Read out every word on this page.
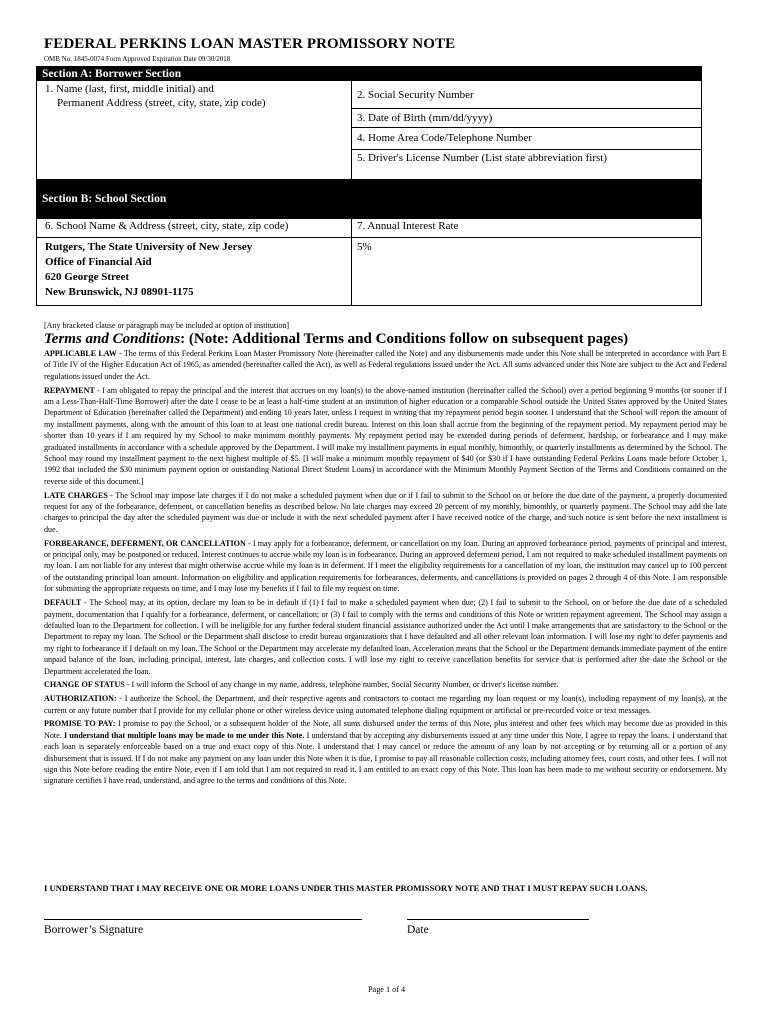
FEDERAL PERKINS LOAN MASTER PROMISSORY NOTE
OMB No. 1845-0074 Form Approved Expiration Date 09/30/2018
Section A: Borrower Section
1. Name (last, first, middle initial) and
Permanent Address (street, city, state, zip code)
2. Social Security Number
3. Date of Birth (mm/dd/yyyy)
4. Home Area Code/Telephone Number
5. Driver's License Number (List state abbreviation first)
Section B: School Section
6. School Name & Address (street, city, state, zip code)	7. Annual Interest Rate
Rutgers, The State University of New Jersey
Office of Financial Aid
620 George Street
New Brunswick, NJ 08901-1175
5%
[Any bracketed clause or paragraph may be included at option of institution]
Terms and Conditions: (Note: Additional Terms and Conditions follow on subsequent pages)

APPLICABLE LAW - The terms of this Federal Perkins Loan Master Promissory Note (hereinafter called the Note) and any disbursements made under this Note shall be interpreted in accordance with Part E of Title IV of the Higher Education Act of 1965, as amended (hereinafter called the Act), as well as Federal regulations issued under the Act. All sums advanced under this Note are subject to the Act and Federal regulations issued under the Act.

REPAYMENT - I am obligated to repay the principal and the interest that accrues on my loan(s) to the above-named institution (hereinafter called the School) over a period beginning 9 months (or sooner if I am a Less-Than-Half-Time Borrower) after the date I cease to be at least a half-time student at an institution of higher education or a comparable School outside the United States approved by the United States Department of Education (hereinafter called the Department) and ending 10 years later, unless I request in writing that my repayment period begin sooner. I understand that the School will report the amount of my installment payments, along with the amount of this loan to at least one national credit bureau. Interest on this loan shall accrue from the beginning of the repayment period. My repayment period may be shorter than 10 years if I am required by my School to make minimum monthly payments. My repayment period may be extended during periods of deferment, hardship, or forbearance and I may make graduated installments in accordance with a schedule approved by the Department. I will make my installment payments in equal monthly, bimonthly, or quarterly installments as determined by the School. The School may round my installment payment to the next highest multiple of $5. [I will make a minimum monthly repayment of $40 (or $30 if I have outstanding Federal Perkins Loans made before October 1, 1992 that included the $30 minimum payment option or outstanding National Direct Student Loans) in accordance with the Minimum Monthly Payment Section of the Terms and Conditions contained on the reverse side of this document.]

LATE CHARGES - The School may impose late charges if I do not make a scheduled payment when due or if I fail to submit to the School on or before the due date of the payment, a properly documented request for any of the forbearance, deferment, or cancellation benefits as described below. No late charges may exceed 20 percent of my monthly, bimonthly, or quarterly payment. The School may add the late charges to principal the day after the scheduled payment was due or include it with the next scheduled payment after I have received notice of the charge, and such notice is sent before the next installment is due.

FORBEARANCE, DEFERMENT, OR CANCELLATION - I may apply for a forbearance, deferment, or cancellation on my loan. During an approved forbearance period, payments of principal and interest, or principal only, may be postponed or reduced. Interest continues to accrue while my loan is in forbearance. During an approved deferment period, I am not required to make scheduled installment payments on my loan. I am not liable for any interest that might otherwise accrue while my loan is in deferment. If I meet the eligibility requirements for a cancellation of my loan, the institution may cancel up to 100 percent of the outstanding principal loan amount. Information on eligibility and application requirements for forbearances, deferments, and cancellations is provided on pages 2 through 4 of this Note. I am responsible for submitting the appropriate requests on time, and I may lose my benefits if I fail to file my request on time.

DEFAULT - The School may, at its option, declare my loan to be in default if (1) I fail to make a scheduled payment when due; (2) I fail to submit to the School, on or before the due date of a scheduled payment, documentation that I qualify for a forbearance, deferment, or cancellation; or (3) I fail to comply with the terms and conditions of this Note or written repayment agreement. The School may assign a defaulted loan to the Department for collection. I will be ineligible for any further federal student financial assistance authorized under the Act until I make arrangements that are satisfactory to the School or the Department to repay my loan. The School or the Department shall disclose to credit bureau organizations that I have defaulted and all other relevant loan information. I will lose my right to defer payments and my right to forbearance if I default on my loan. The School or the Department may accelerate my defaulted loan. Acceleration means that the School or the Department demands immediate payment of the entire unpaid balance of the loan, including principal, interest, late charges, and collection costs. I will lose my right to receive cancellation benefits for service that is performed after the date the School or the Department accelerated the loan.

CHANGE OF STATUS - I will inform the School of any change in my name, address, telephone number, Social Security Number, or driver's license number.

AUTHORIZATION: - I authorize the School, the Department, and their respective agents and contractors to contact me regarding my loan request or my loan(s), including repayment of my loan(s), at the current or any future number that I provide for my cellular phone or other wireless device using automated telephone dialing equipment or artificial or pre-recorded voice or text messages.

PROMISE TO PAY: I promise to pay the School, or a subsequent holder of the Note, all sums disbursed under the terms of this Note, plus interest and other fees which may become due as provided in this Note. I understand that multiple loans may be made to me under this Note. I understand that by accepting any disbursements issued at any time under this Note, I agree to repay the loans. I understand that each loan is separately enforceable based on a true and exact copy of this Note. I understand that I may cancel or reduce the amount of any loan by not accepting or by returning all or a portion of any disbursement that is issued. If I do not make any payment on any loan under this Note when it is due, I promise to pay all reasonable collection costs, including attorney fees, court costs, and other fees. I will not sign this Note before reading the entire Note, even if I am told that I am not required to read it. I am entitled to an exact copy of this Note. This loan has been made to me without security or endorsement. My signature certifies I have read, understand, and agree to the terms and conditions of this Note.

I UNDERSTAND THAT I MAY RECEIVE ONE OR MORE LOANS UNDER THIS MASTER PROMISSORY NOTE AND THAT I MUST REPAY SUCH LOANS.
Borrower’s Signature	Date
Page 1 of 4
